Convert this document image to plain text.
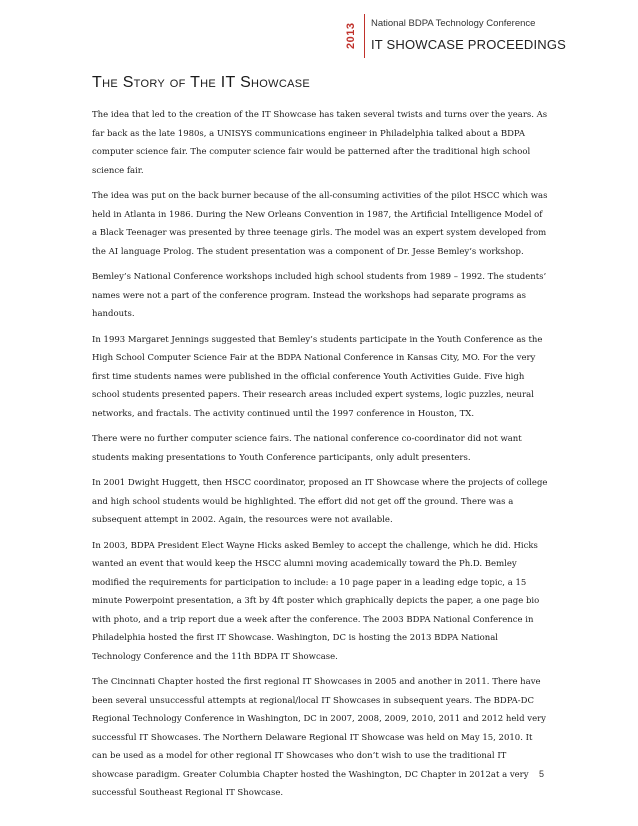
2013 National BDPA Technology Conference
IT SHOWCASE PROCEEDINGS
The Story of The IT Showcase

The idea that led to the creation of the IT Showcase has taken several twists and turns over the years. As far back as the late 1980s, a UNISYS communications engineer in Philadelphia talked about a BDPA computer science fair. The computer science fair would be patterned after the traditional high school science fair.

The idea was put on the back burner because of the all-consuming activities of the pilot HSCC which was held in Atlanta in 1986. During the New Orleans Convention in 1987, the Artificial Intelligence Model of a Black Teenager was presented by three teenage girls. The model was an expert system developed from the AI language Prolog. The student presentation was a component of Dr. Jesse Bemley’s workshop.

Bemley’s National Conference workshops included high school students from 1989 – 1992. The students’ names were not a part of the conference program. Instead the workshops had separate programs as handouts.

In 1993 Margaret Jennings suggested that Bemley’s students participate in the Youth Conference as the High School Computer Science Fair at the BDPA National Conference in Kansas City, MO. For the very first time students names were published in the official conference Youth Activities Guide. Five high school students presented papers. Their research areas included expert systems, logic puzzles, neural networks, and fractals. The activity continued until the 1997 conference in Houston, TX.

There were no further computer science fairs. The national conference co-coordinator did not want students making presentations to Youth Conference participants, only adult presenters.

In 2001 Dwight Huggett, then HSCC coordinator, proposed an IT Showcase where the projects of college and high school students would be highlighted. The effort did not get off the ground. There was a subsequent attempt in 2002. Again, the resources were not available.

In 2003, BDPA President Elect Wayne Hicks asked Bemley to accept the challenge, which he did. Hicks wanted an event that would keep the HSCC alumni moving academically toward the Ph.D. Bemley modified the requirements for participation to include: a 10 page paper in a leading edge topic, a 15 minute Powerpoint presentation, a 3ft by 4ft poster which graphically depicts the paper, a one page bio with photo, and a trip report due a week after the conference. The 2003 BDPA National Conference in Philadelphia hosted the first IT Showcase. Washington, DC is hosting the 2013 BDPA National Technology Conference and the 11th BDPA IT Showcase.

The Cincinnati Chapter hosted the first regional IT Showcases in 2005 and another in 2011. There have been several unsuccessful attempts at regional/local IT Showcases in subsequent years. The BDPA-DC Regional Technology Conference in Washington, DC in 2007, 2008, 2009, 2010, 2011 and 2012 held very successful IT Showcases. The Northern Delaware Regional IT Showcase was held on May 15, 2010. It can be used as a model for other regional IT Showcases who don’t wish to use the traditional IT showcase paradigm. Greater Columbia Chapter hosted the Washington, DC Chapter in 2012at a very successful Southeast Regional IT Showcase.

5
